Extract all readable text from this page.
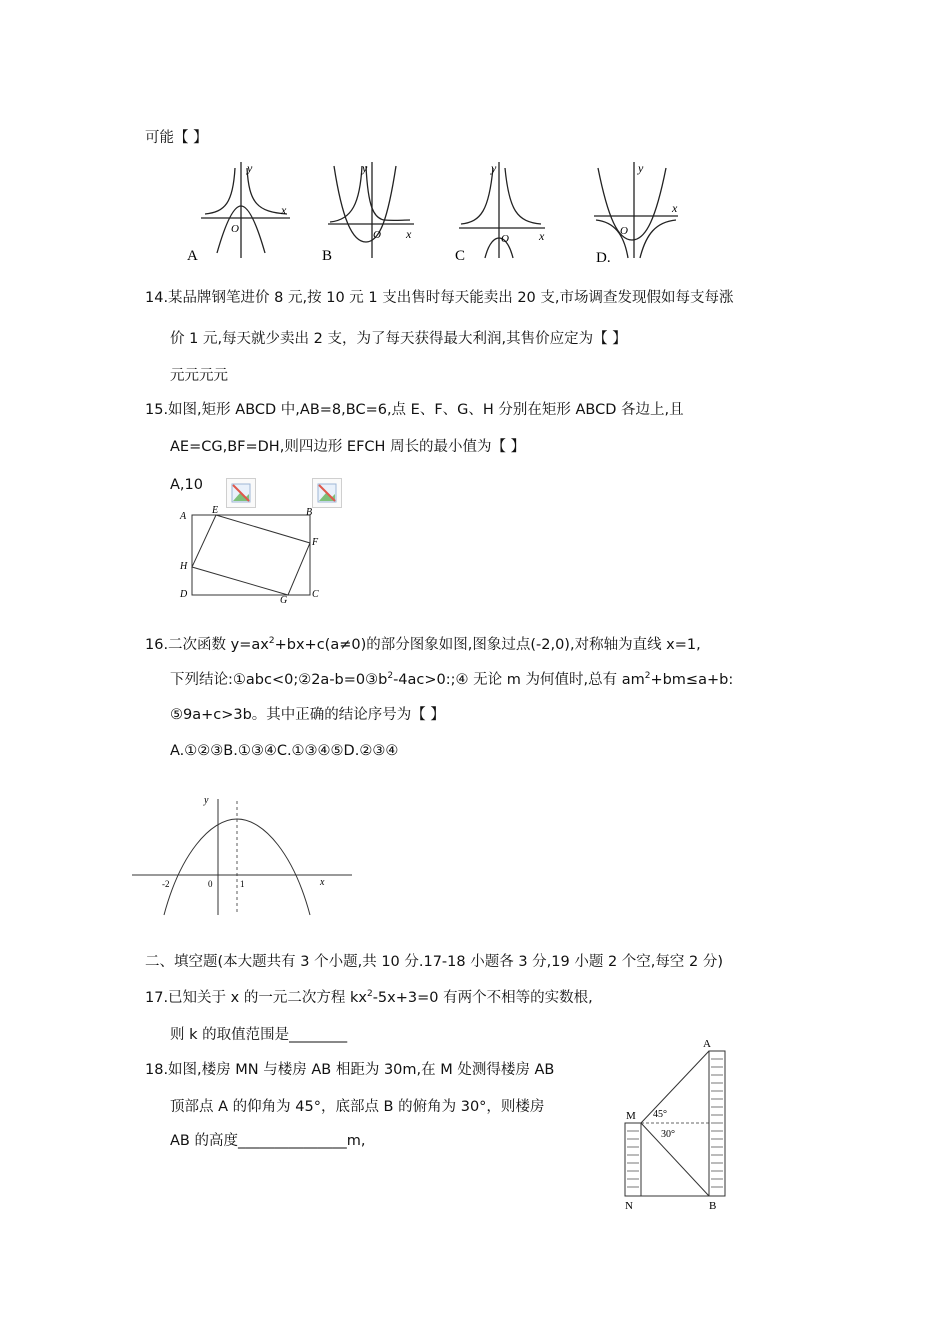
可能【 】
y
x
O
A
y
x
O
B
y
x
O
C
y
x
O
D.
14.某品牌钢笔进价 8 元,按 10 元 1 支出售时每天能卖出 20 支,市场调查发现假如每支每涨
价 1 元,每天就少卖出 2 支，为了每天获得最大利润,其售价应定为【 】
元元元元
15.如图,矩形 ABCD 中,AB=8,BC=6,点 E、F、G、H 分别在矩形 ABCD 各边上,且
AE=CG,BF=DH,则四边形 EFCH 周长的最小值为【 】
A,10
A
E	B
F
H
D
G
C
16.二次函数 $y=ax^2+bx+c(a\ne 0)$的部分图象如图,图象过点(-2,0),对称轴为直线 x=1,
下列结论$:①abc<0;②2a-b=0③b^2-4ac>0:;④$ 无论 m 为何值时,总有 $am^2+bm\le a+b$:
⑤9a+c>3b。其中正确的结论序号为【 】
A.①②③B.①③④C.①③④⑤D.②③④
y
x
0	1
-2
二、填空题(本大题共有 3 个小题,共 10 分.17-18 小题各 3 分,19 小题 2 个空,每空 2 分)
17.已知关于 x 的一元二次方程 $kx^2-5x+3=0$ 有两个不相等的实数根,
则 k 的取值范围是________
18.如图,楼房 MN 与楼房 AB 相距为 30m,在 M 处测得楼房 AB
顶部点 A 的仰角为 45°，底部点 B 的俯角为 30°，则楼房
AB 的高度_______________m,
A
B
M
N
45°
30°
